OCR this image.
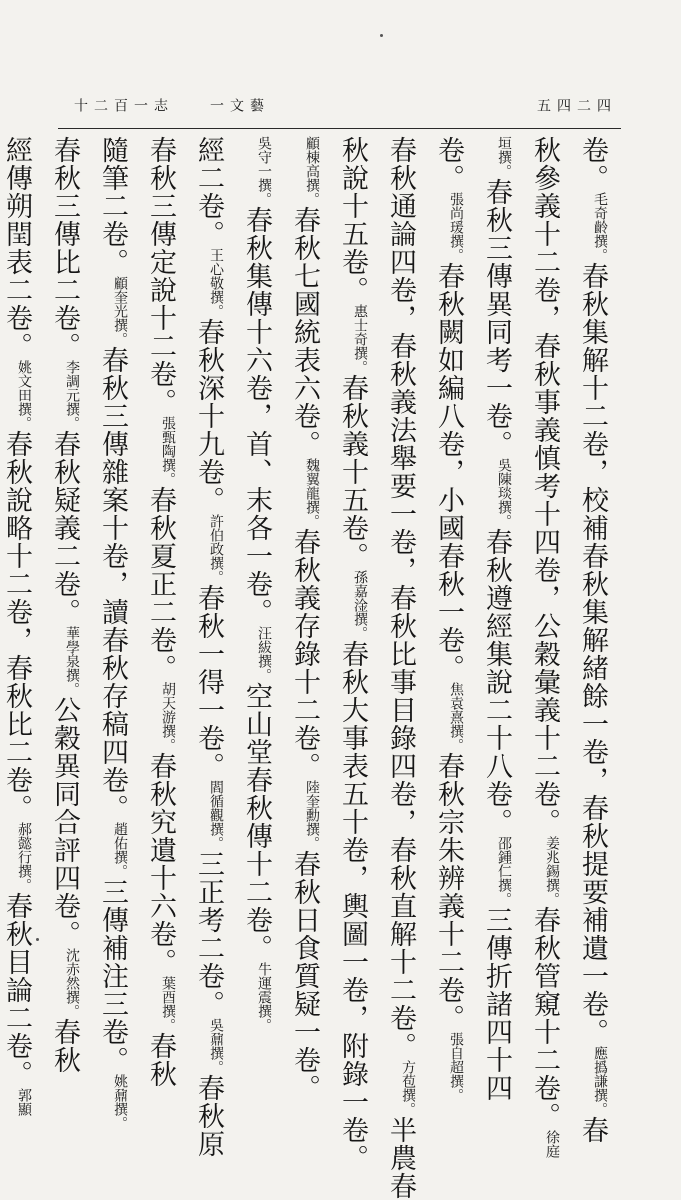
志一百二十	藝文一	四二四五
卷。毛奇齡撰。春秋集解十二卷，校補春秋集解緒餘一卷，春秋提要補遺一卷。應撝謙撰。春
秋參義十二卷，春秋事義慎考十四卷，公穀彙義十二卷。姜兆錫撰。春秋管窺十二卷。徐庭
垣撰。春秋三傳異同考一卷。吳陳琰撰。春秋遵經集說二十八卷。邵鍾仁撰。三傳折諸四十四
卷。張尚瑗撰。春秋闕如編八卷，小國春秋一卷。焦袁熹撰。春秋宗朱辨義十二卷。張自超撰。
春秋通論四卷，春秋義法舉要一卷，春秋比事目錄四卷，春秋直解十二卷。方苞撰。半農春
秋說十五卷。惠士奇撰。春秋義十五卷。孫嘉淦撰。春秋大事表五十卷，輿圖一卷，附錄一卷。
顧棟高撰。春秋七國統表六卷。魏翼龍撰。春秋義存錄十二卷。陸奎勳撰。春秋日食質疑一卷。
吳守一撰。春秋集傳十六卷，首、末各一卷。汪紱撰。空山堂春秋傳十二卷。牛運震撰。
經二卷。王心敬撰。春秋深十九卷。許伯政撰。春秋一得一卷。閻循觀撰。三正考二卷。吳鼐撰。春秋原
春秋三傳定說十二卷。張甄陶撰。春秋夏正二卷。胡天游撰。春秋究遺十六卷。葉酉撰。春秋
隨筆二卷。顧奎光撰。春秋三傳雜案十卷，讀春秋存稿四卷。趙佑撰。三傳補注三卷。姚鼐撰。
春秋三傳比二卷。李調元撰。春秋疑義二卷。華學泉撰。公穀異同合評四卷。沈赤然撰。春秋
經傳朔閏表二卷。姚文田撰。春秋說略十二卷，春秋比二卷。郝懿行撰。春秋目論二卷。郭顯
